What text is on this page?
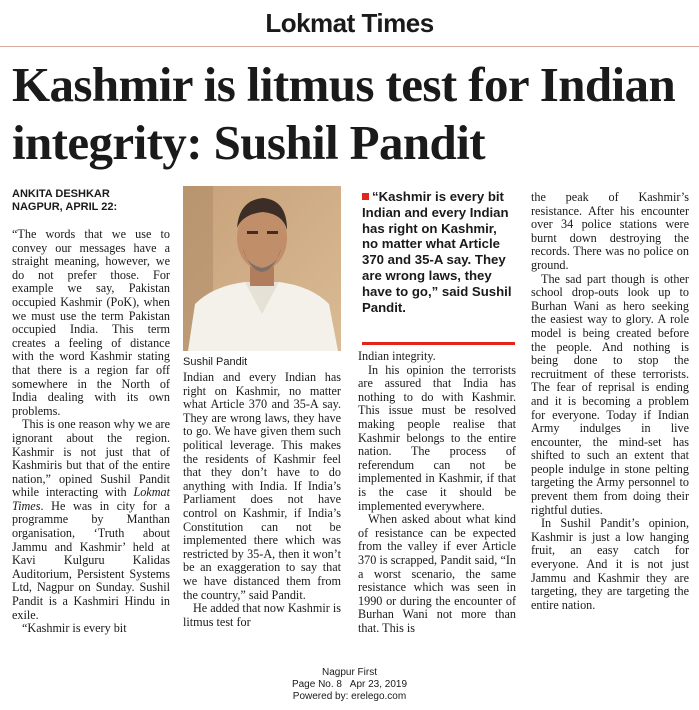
Lokmat Times
Kashmir is litmus test for Indian integrity: Sushil Pandit
ANKITA DESHKAR
NAGPUR, APRIL 22:

“The words that we use to convey our messages have a straight meaning, however, we do not prefer those. For example we say, Pakistan occupied Kashmir (PoK), when we must use the term Pakistan occupied India. This term creates a feeling of distance with the word Kashmir stating that there is a region far off somewhere in the North of India dealing with its own problems.

This is one reason why we are ignorant about the region. Kashmir is not just that of Kashmiris but that of the entire nation,” opined Sushil Pandit while interacting with Lokmat Times. He was in city for a programme by Manthan organisation, ‘Truth about Jammu and Kashmir’ held at Kavi Kulguru Kalidas Auditorium, Persistent Systems Ltd, Nagpur on Sunday. Sushil Pandit is a Kashmiri Hindu in exile.

“Kashmir is every bit

Sushil Pandit

Indian and every Indian has right on Kashmir, no matter what Article 370 and 35-A say. They are wrong laws, they have to go. We have given them such political leverage. This makes the residents of Kashmir feel that they don’t have to do anything with India. If India’s Parliament does not have control on Kashmir, if India’s Constitution can not be implemented there which was restricted by 35-A, then it won’t be an exaggeration to say that we have distanced them from the country,” said Pandit.

He added that now Kashmir is litmus test for

“Kashmir is every bit Indian and every Indian has right on Kashmir, no matter what Article 370 and 35-A say. They are wrong laws, they have to go,” said Sushil Pandit.

Indian integrity.

In his opinion the terrorists are assured that India has nothing to do with Kashmir. This issue must be resolved making people realise that Kashmir belongs to the entire nation. The process of referendum can not be implemented in Kashmir, if that is the case it should be implemented everywhere.

When asked about what kind of resistance can be expected from the valley if ever Article 370 is scrapped, Pandit said, “In a worst scenario, the same resistance which was seen in 1990 or during the encounter of Burhan Wani not more than that. This is

the peak of Kashmir’s resistance. After his encounter over 34 police stations were burnt down destroying the records. There was no police on ground.

The sad part though is other school drop-outs look up to Burhan Wani as hero seeking the easiest way to glory. A role model is being created before the people. And nothing is being done to stop the recruitment of these terrorists. The fear of reprisal is ending and it is becoming a problem for everyone. Today if Indian Army indulges in live encounter, the mind-set has shifted to such an extent that people indulge in stone pelting targeting the Army personnel to prevent them from doing their rightful duties.

In Sushil Pandit’s opinion, Kashmir is just a low hanging fruit, an easy catch for everyone. And it is not just Jammu and Kashmir they are targeting, they are targeting the entire nation.

Nagpur First
Page No. 8 Apr 23, 2019
Powered by: erelego.com
